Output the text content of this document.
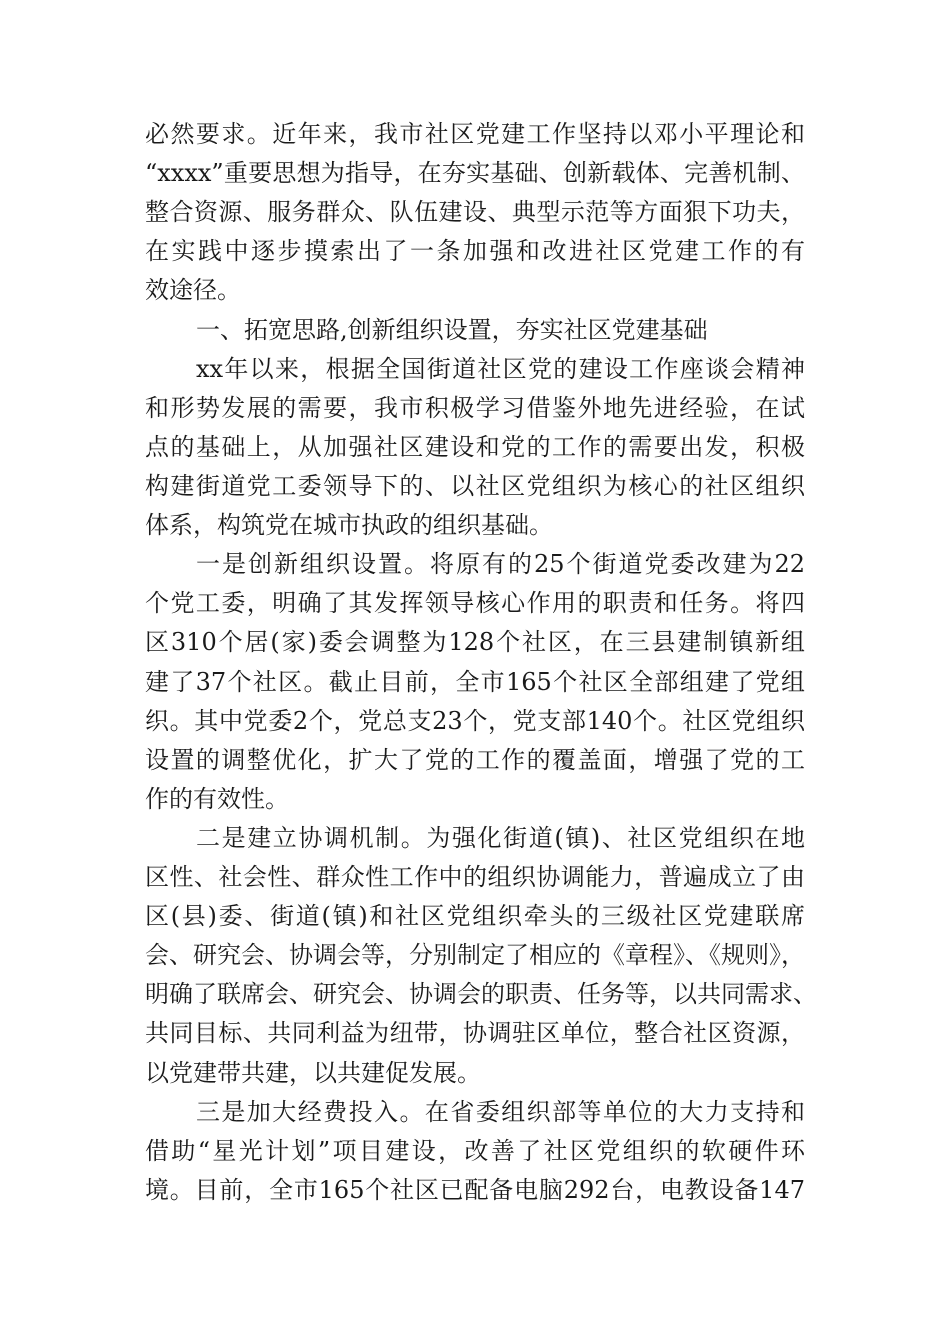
必然要求。近年来，我市社区党建工作坚持以邓小平理论和
“xxxx”重要思想为指导，在夯实基础、创新载体、完善机制、
整合资源、服务群众、队伍建设、典型示范等方面狠下功夫，
在实践中逐步摸索出了一条加强和改进社区党建工作的有
效途径。
一、拓宽思路,创新组织设置，夯实社区党建基础
xx年以来，根据全国街道社区党的建设工作座谈会精神
和形势发展的需要，我市积极学习借鉴外地先进经验，在试
点的基础上，从加强社区建设和党的工作的需要出发，积极
构建街道党工委领导下的、以社区党组织为核心的社区组织
体系，构筑党在城市执政的组织基础。
一是创新组织设置。将原有的25个街道党委改建为22
个党工委，明确了其发挥领导核心作用的职责和任务。将四
区310个居(家)委会调整为128个社区，在三县建制镇新组
建了37个社区。截止目前，全市165个社区全部组建了党组
织。其中党委2个，党总支23个，党支部140个。社区党组织
设置的调整优化，扩大了党的工作的覆盖面，增强了党的工
作的有效性。
二是建立协调机制。为强化街道(镇)、社区党组织在地
区性、社会性、群众性工作中的组织协调能力，普遍成立了由
区(县)委、街道(镇)和社区党组织牵头的三级社区党建联席
会、研究会、协调会等，分别制定了相应的《章程》、《规则》，
明确了联席会、研究会、协调会的职责、任务等，以共同需求、
共同目标、共同利益为纽带，协调驻区单位，整合社区资源，
以党建带共建，以共建促发展。
三是加大经费投入。在省委组织部等单位的大力支持和
借助“星光计划”项目建设，改善了社区党组织的软硬件环
境。目前，全市165个社区已配备电脑292台，电教设备147
